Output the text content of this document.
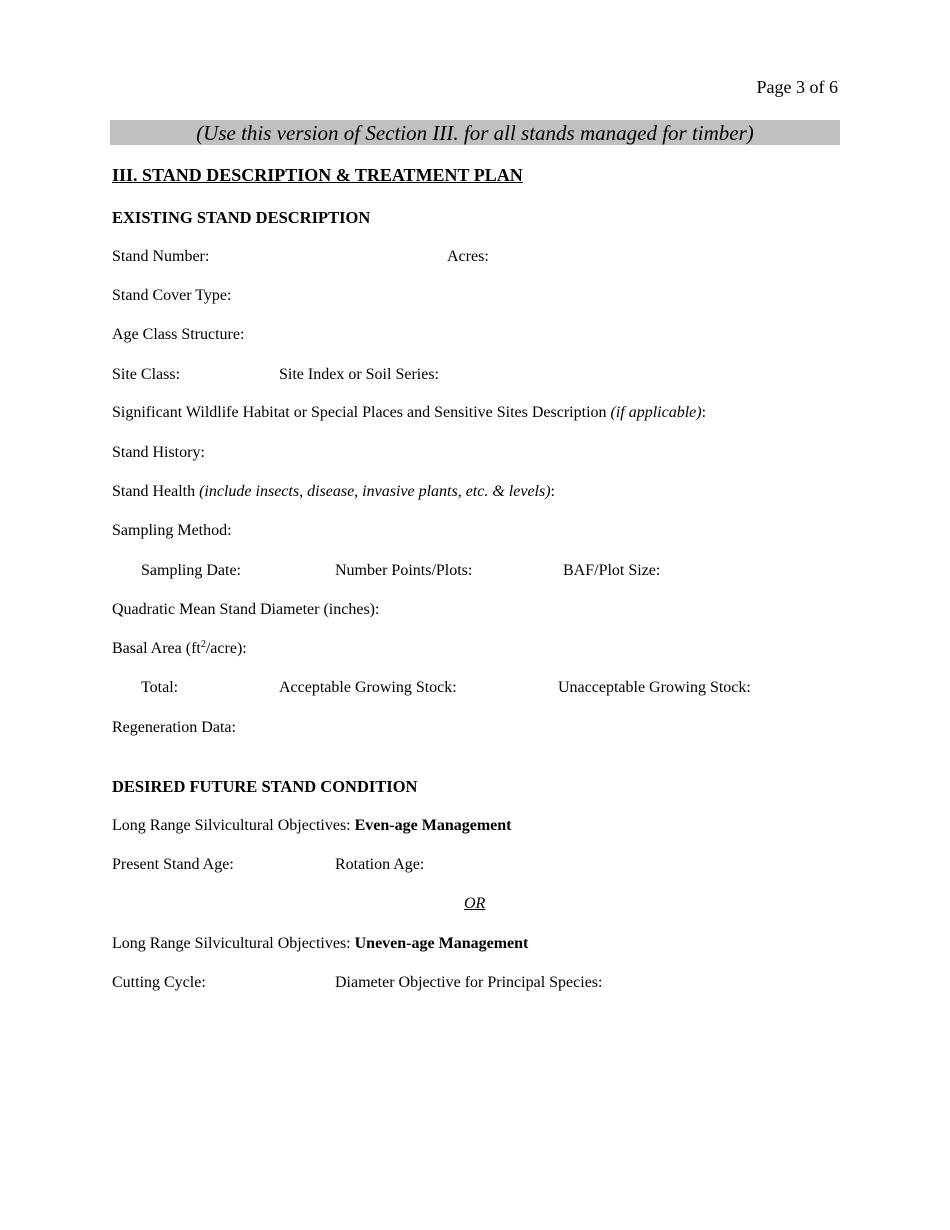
Page 3 of 6
(Use this version of Section III. for all stands managed for timber)
III. STAND DESCRIPTION & TREATMENT PLAN
EXISTING STAND DESCRIPTION
Stand Number:	Acres:
Stand Cover Type:
Age Class Structure:
Site Class:	Site Index or Soil Series:
Significant Wildlife Habitat or Special Places and Sensitive Sites Description (if applicable):
Stand History:
Stand Health (include insects, disease, invasive plants, etc. & levels):
Sampling Method:
Sampling Date:	Number Points/Plots:	BAF/Plot Size:
Quadratic Mean Stand Diameter (inches):
Basal Area $(ft^2/acre)$:
Total:	Acceptable Growing Stock:	Unacceptable Growing Stock:
Regeneration Data:
DESIRED FUTURE STAND CONDITION
Long Range Silvicultural Objectives: Even-age Management
Present Stand Age:	Rotation Age:
OR
Long Range Silvicultural Objectives: Uneven-age Management
Cutting Cycle:	Diameter Objective for Principal Species:
